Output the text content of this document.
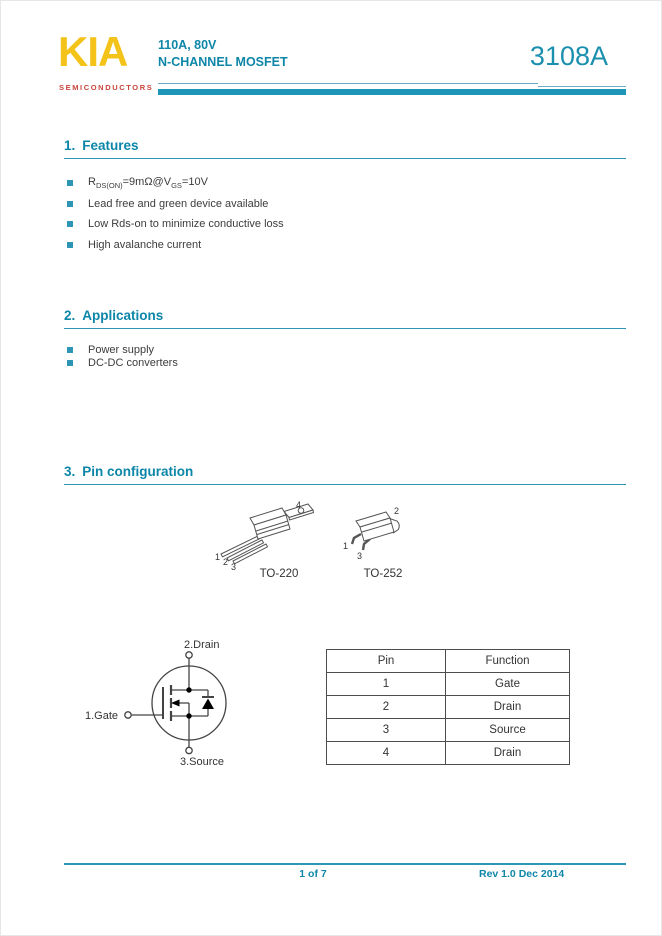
KIA
SEMICONDUCTORS
110A, 80V
N-CHANNEL MOSFET	3108A
1. Features
$R_{DS(ON)}=9m\Omega@V_{GS}=10V$
Lead free and green device available
Low Rds-on to minimize conductive loss
High avalanche current
2. Applications
Power supply
DC-DC converters
3. Pin configuration
1 2 3
4
TO-220
1
3
2
TO-252
2.Drain
1.Gate
3.Source
Pin	Function
1	Gate
2	Drain
3	Source
4	Drain
1 of 7	Rev 1.0 Dec 2014
